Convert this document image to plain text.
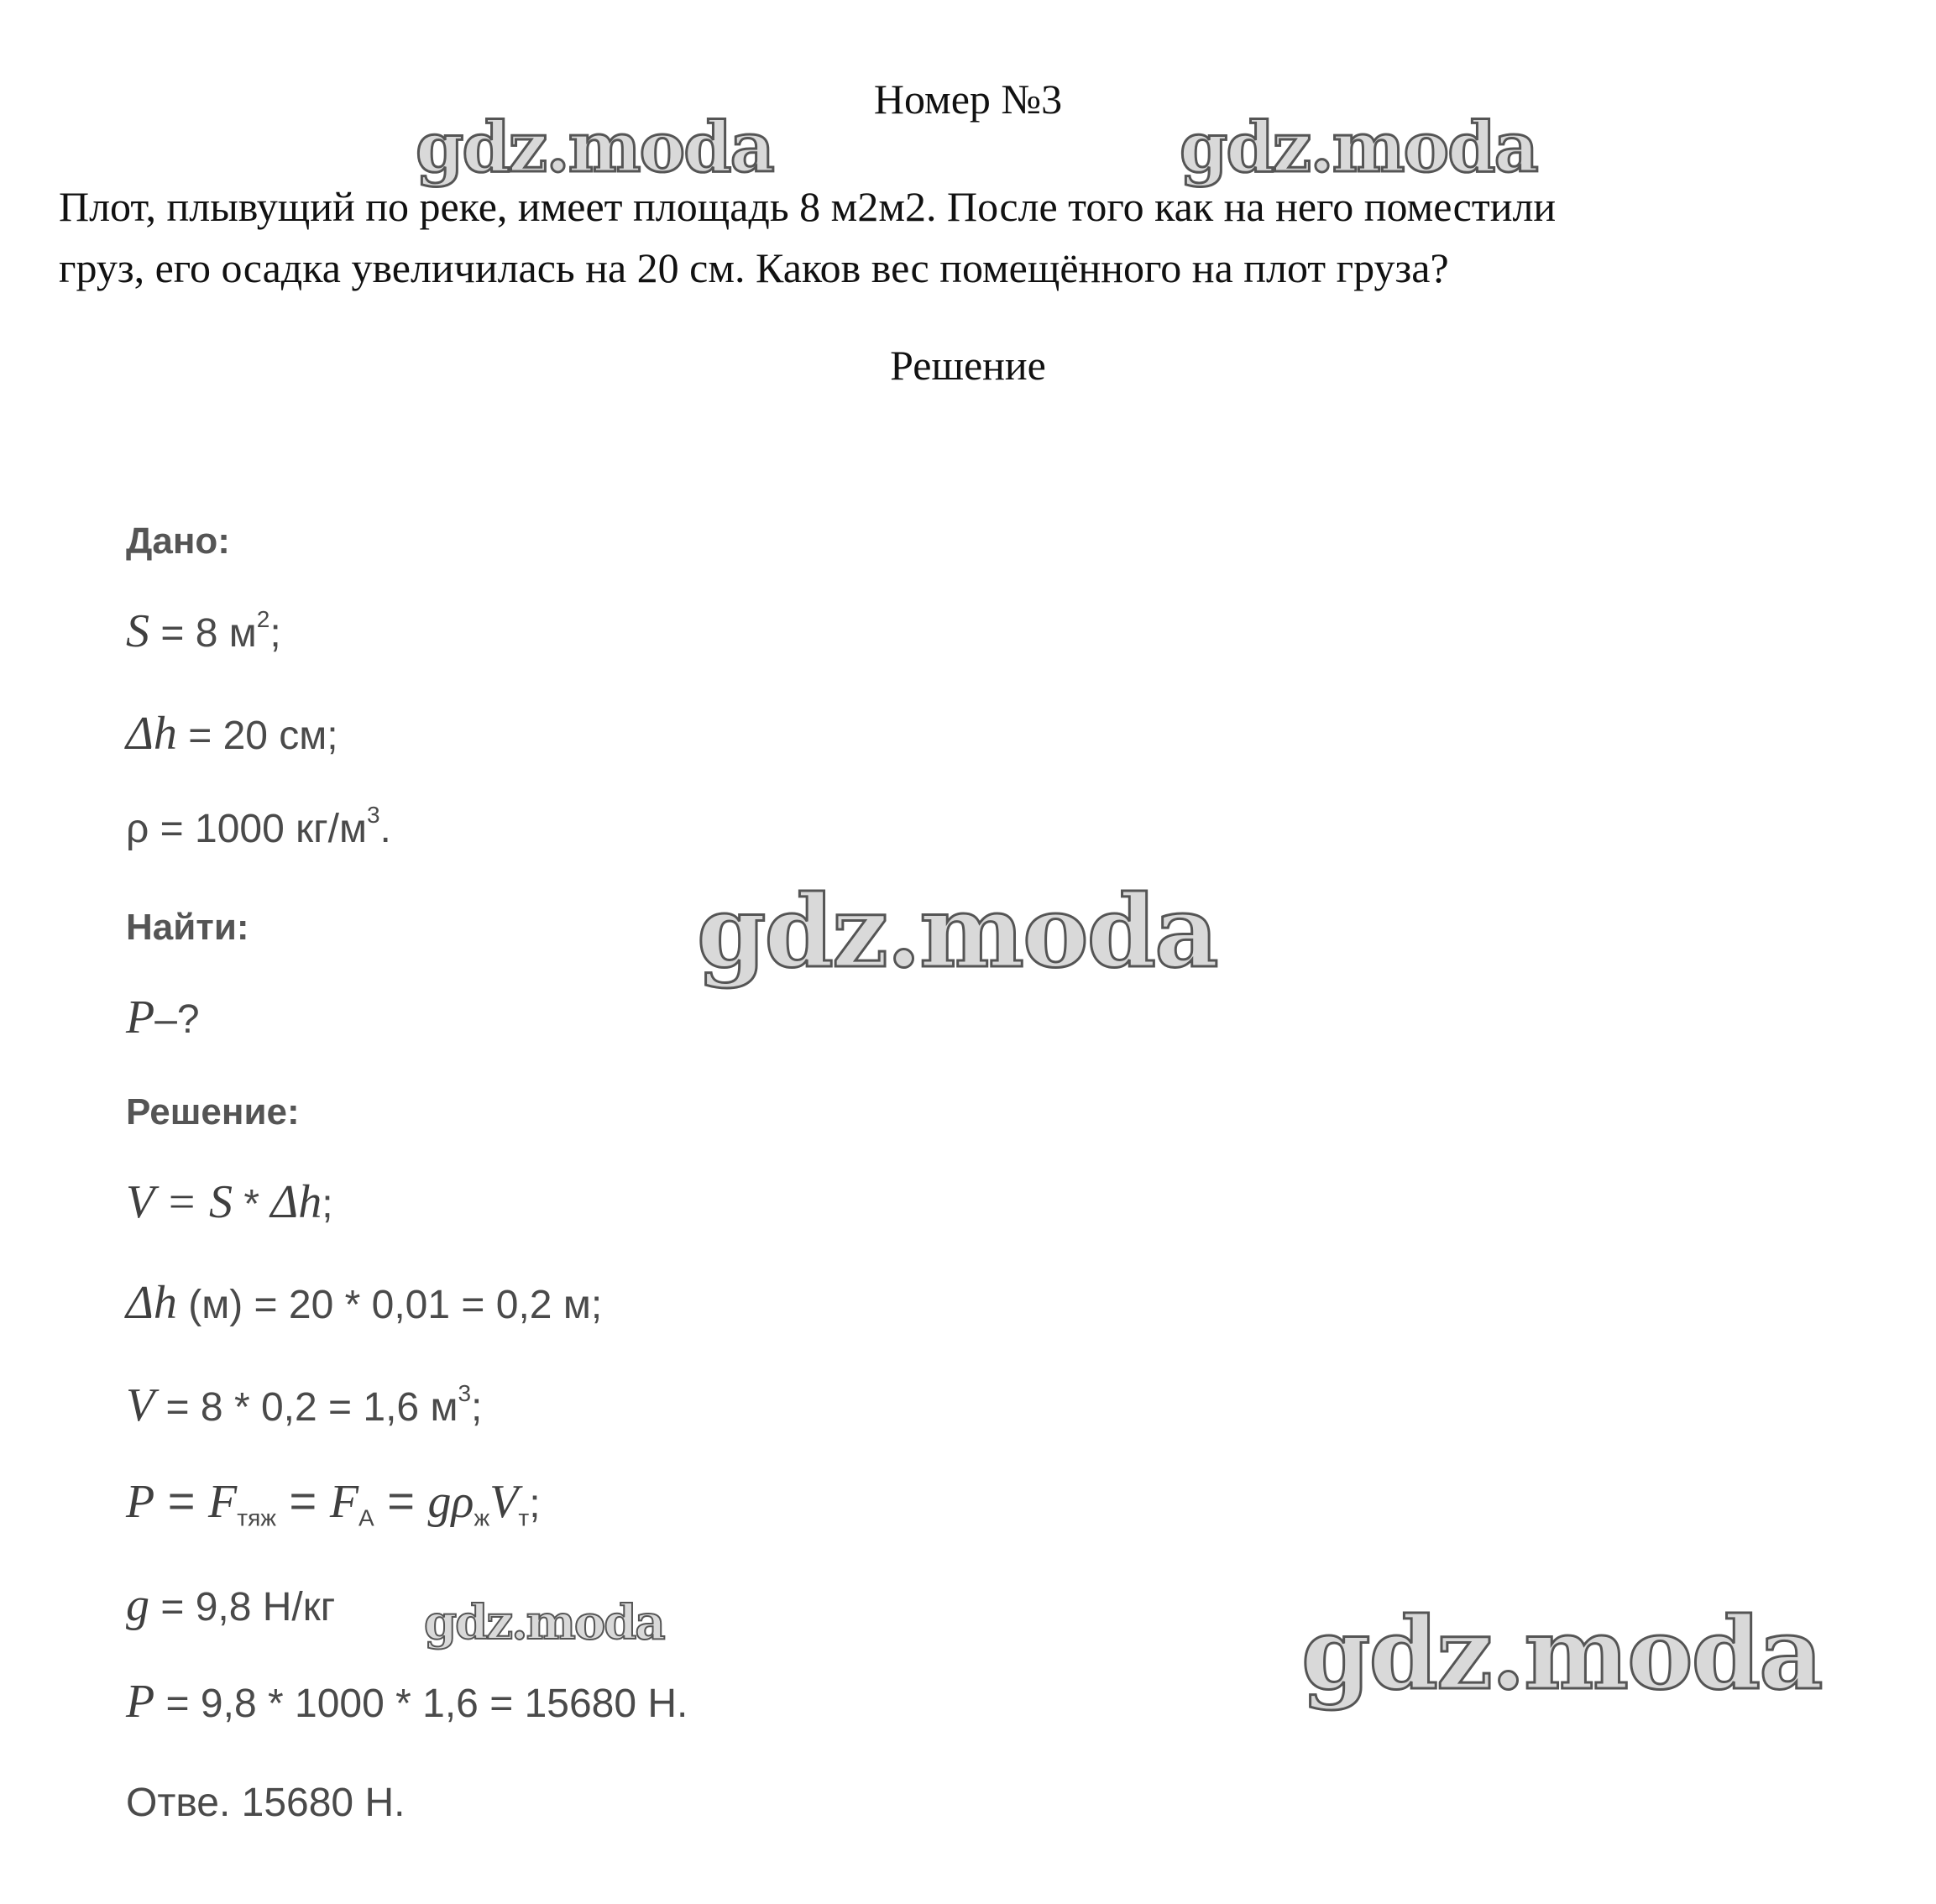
Номер №3
Плот, плывущий по реке, имеет площадь 8 м2м2. После того как на него поместили
груз, его осадка увеличилась на 20 см. Каков вес помещённого на плот груза?
Решение
Дано:
S = 8 $м^2$;
Δh = 20 см;
ρ = 1000 $кг/м^3$.
Найти:
P–?
Решение:
V = S * Δh;
Δh (м) = 20 * 0,01 = 0,2 м;
V = 8 * 0,2 = 1,6 $м^3$;
$P = F_{тяж} = F_А = g\rho_жV_т$;
g = 9,8 Н/кг
P = 9,8 * 1000 * 1,6 = 15680 Н.
Отве. 15680 Н.
gdz.moda	gdz.moda
gdz.moda
gdz.moda	gdz.moda
